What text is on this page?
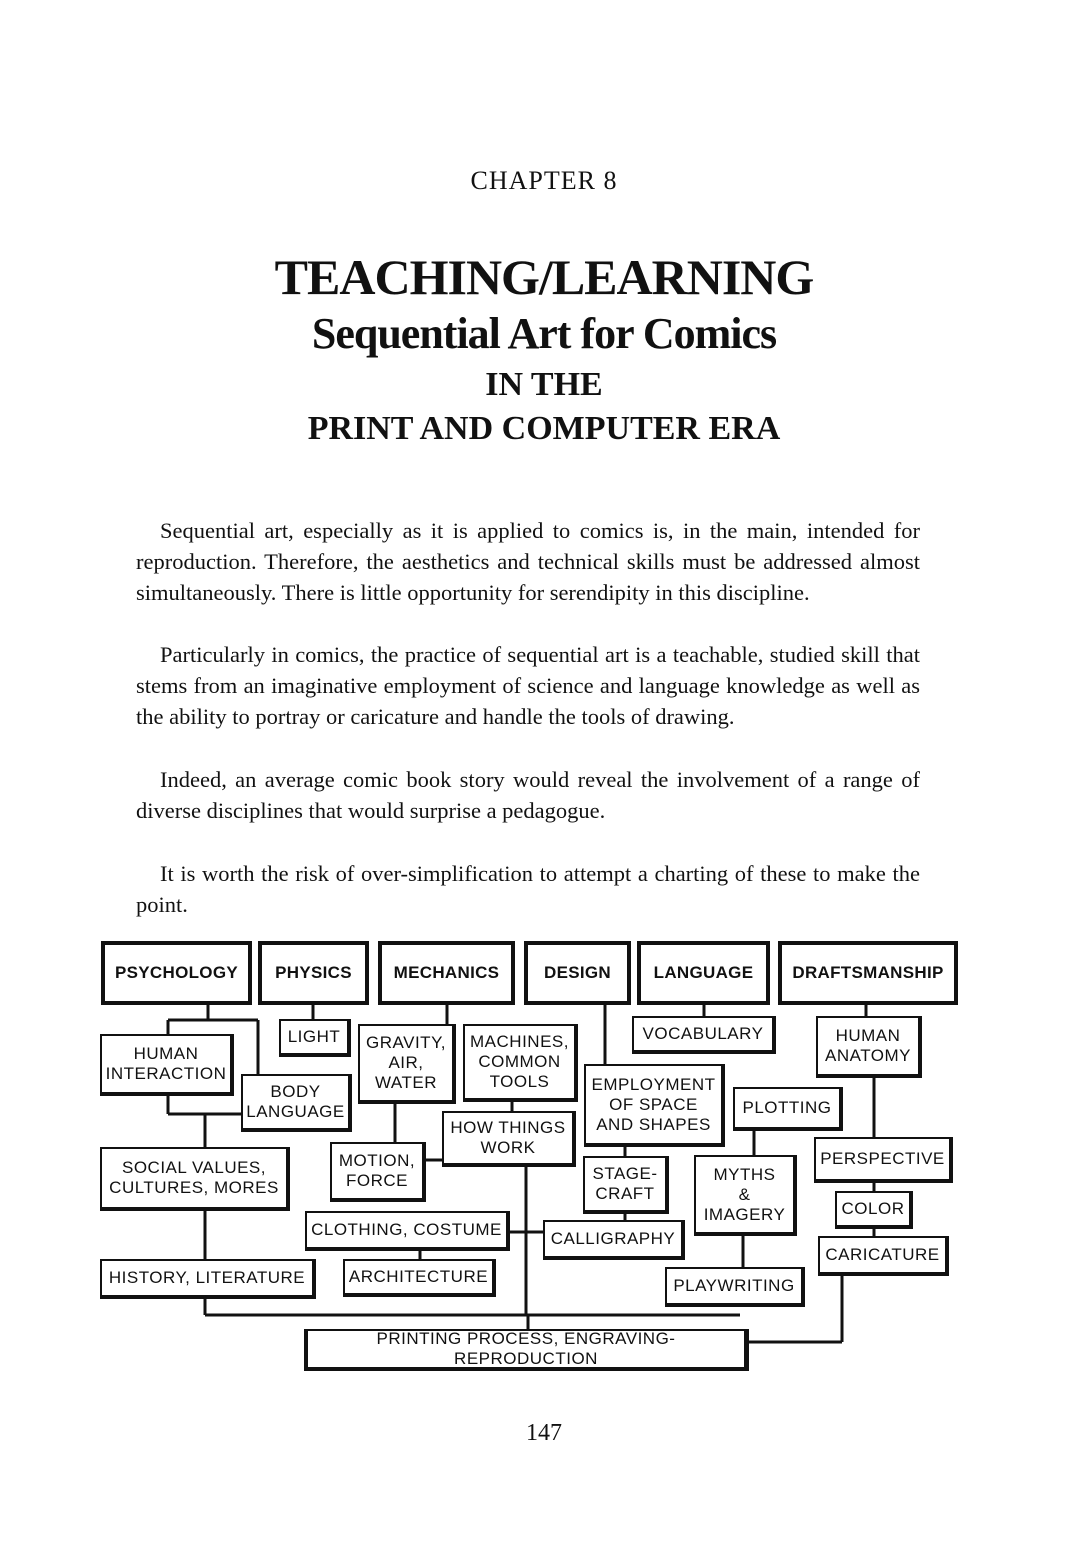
CHAPTER 8
TEACHING/LEARNING
Sequential Art for Comics
IN THE
PRINT AND COMPUTER ERA

Sequential art, especially as it is applied to comics is, in the main, intended for reproduction. Therefore, the aesthetics and technical skills must be addressed almost simultaneously. There is little opportunity for serendipity in this discipline.

Particularly in comics, the practice of sequential art is a teachable, studied skill that stems from an imaginative employment of science and language knowledge as well as the ability to portray or caricature and handle the tools of drawing.

Indeed, an average comic book story would reveal the involvement of a range of diverse disciplines that would surprise a pedagogue.

It is worth the risk of over-simplification to attempt a charting of these to make the point.

PSYCHOLOGY	PHYSICS	MECHANICS	DESIGN	LANGUAGE	DRAFTSMANSHIP
HUMAN
INTERACTION
LIGHT
BODY
LANGUAGE
GRAVITY,
AIR,
WATER
MACHINES,
COMMON
TOOLS
VOCABULARY	HUMAN
ANATOMY
EMPLOYMENT
OF SPACE
AND SHAPES
PLOTTING
HOW THINGS
WORK
SOCIAL VALUES,
CULTURES, MORES
MOTION,
FORCE	STAGE-
CRAFT
MYTHS
&
IMAGERY
PERSPECTIVE
COLOR
CLOTHING, COSTUME	CALLIGRAPHY
CARICATURE
HISTORY, LITERATURE	ARCHITECTURE	PLAYWRITING
PRINTING PROCESS, ENGRAVING-REPRODUCTION
147
